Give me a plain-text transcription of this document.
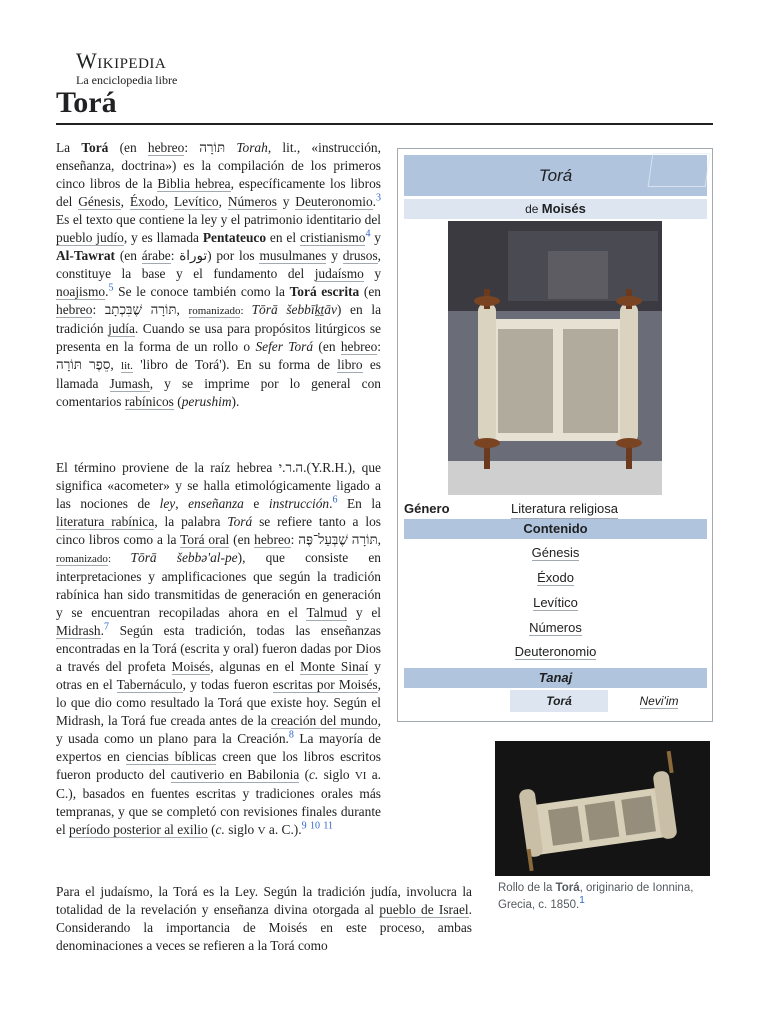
Wikipedia
La enciclopedia libre
Torá

La Torá (en hebreo: תּוֹרָה Torah, lit., «instrucción, enseñanza, doctrina») es la compilación de los primeros cinco libros de la Biblia hebrea, específicamente los libros del Génesis, Éxodo, Levítico, Números y Deuteronomio.$^3$ Es el texto que contiene la ley y el patrimonio identitario del pueblo judío, y es llamada Pentateuco en el cristianismo$^4$ y Al-Tawrat (en árabe: توراة) por los musulmanes y drusos, constituye la base y el fundamento del judaísmo y noajismo.$^5$ Se le conoce también como la Torá escrita (en hebreo: תּוֹרָה שֶׁבִּכְתָב, romanizado: Tōrā šebbīḵṯāv) en la tradición judía. Cuando se usa para propósitos litúrgicos se presenta en la forma de un rollo o Sefer Torá (en hebreo: סֵפֶר תּוֹרָה, lit. 'libro de Torá'). En su forma de libro es llamada Jumash, y se imprime por lo general con comentarios rabínicos (perushim).

El término proviene de la raíz hebrea ה.ר.י.(Y.R.H.), que significa «acometer» y se halla etimológicamente ligado a las nociones de ley, enseñanza e instrucción.$^6$ En la literatura rabínica, la palabra Torá se refiere tanto a los cinco libros como a la Torá oral (en hebreo: תּוֹרָה שֶׁבְּעַל־פֶּה, romanizado: Tōrā šebbə'al-pe), que consiste en interpretaciones y amplificaciones que según la tradición rabínica han sido transmitidas de generación en generación y se encuentran recopiladas ahora en el Talmud y el Midrash.$^7$ Según esta tradición, todas las enseñanzas encontradas en la Torá (escrita y oral) fueron dadas por Dios a través del profeta Moisés, algunas en el Monte Sinaí y otras en el Tabernáculo, y todas fueron escritas por Moisés, lo que dio como resultado la Torá que existe hoy. Según el Midrash, la Torá fue creada antes de la creación del mundo, y usada como un plano para la Creación.$^8$ La mayoría de expertos en ciencias bíblicas creen que los libros escritos fueron producto del cautiverio en Babilonia (c. siglo VI a. C.), basados en fuentes escritas y tradiciones orales más tempranas, y que se completó con revisiones finales durante el período posterior al exilio (c. siglo V a. C.).$^9$ $^{10}$ $^{11}$

Para el judaísmo, la Torá es la Ley. Según la tradición judía, involucra la totalidad de la revelación y enseñanza divina otorgada al pueblo de Israel. Considerando la importancia de Moisés en este proceso, ambas denominaciones a veces se refieren a la Torá como

Torá
de Moisés
Género	Literatura religiosa
Contenido
Génesis
Éxodo
Levítico
Números
Deuteronomio
Tanaj
Torá	Nevi'im
Rollo de la Torá, originario de Ionnina, Grecia, c. 1850.$^1$
